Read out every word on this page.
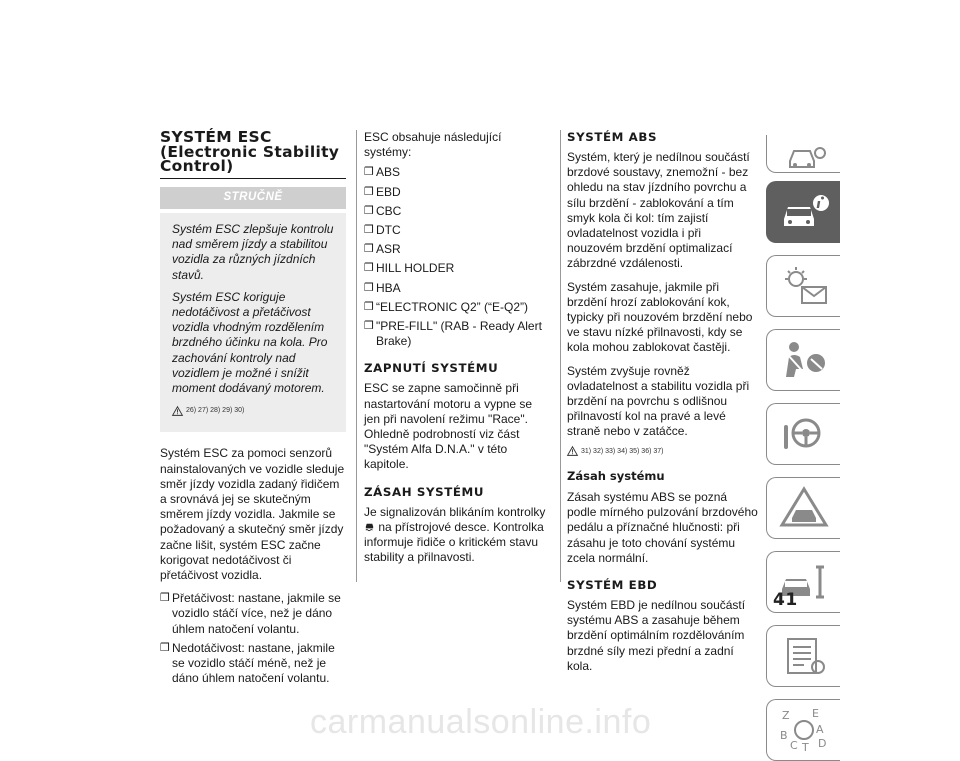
SYSTÉM ESC
(Electronic Stability
Control)
STRUČNĚ

Systém ESC zlepšuje kontrolu nad směrem jízdy a stabilitou vozidla za různých jízdních stavů.

Systém ESC koriguje nedotáčivost a přetáčivost vozidla vhodným rozdělením brzdného účinku na kola. Pro zachování kontroly nad vozidlem je možné i snížit moment dodávaný motorem.

26) 27) 28) 29) 30)

Systém ESC za pomoci senzorů nainstalovaných ve vozidle sleduje směr jízdy vozidla zadaný řidičem a srovnává jej se skutečným směrem jízdy vozidla. Jakmile se požadovaný a skutečný směr jízdy začne lišit, systém ESC začne korigovat nedotáčivost či přetáčivost vozidla.

❒ Přetáčivost: nastane, jakmile se vozidlo stáčí více, než je dáno úhlem natočení volantu.
❒ Nedotáčivost: nastane, jakmile se vozidlo stáčí méně, než je dáno úhlem natočení volantu.

ESC obsahuje následující systémy:

❒ ABS
❒ EBD
❒ CBC
❒ DTC
❒ ASR
❒ HILL HOLDER
❒ HBA
❒ “ELECTRONIC Q2” (“E-Q2”)
❒ "PRE-FILL" (RAB - Ready Alert Brake)
ZAPNUTÍ SYSTÉMU

ESC se zapne samočinně při nastartování motoru a vypne se jen při navolení režimu "Race". Ohledně podrobností viz část "Systém Alfa D.N.A." v této kapitole.

ZÁSAH SYSTÉMU

Je signalizován blikáním kontrolky  na přístrojové desce. Kontrolka informuje řidiče o kritickém stavu stability a přilnavosti.

SYSTÉM ABS

Systém, který je nedílnou součástí brzdové soustavy, znemožní - bez ohledu na stav jízdního povrchu a sílu brzdění - zablokování a tím smyk kola či kol: tím zajistí ovladatelnost vozidla i při nouzovém brzdění optimalizací zábrzdné vzdálenosti.

Systém zasahuje, jakmile při brzdění hrozí zablokování kok, typicky při nouzovém brzdění nebo ve stavu nízké přilnavosti, kdy se kola mohou zablokovat častěji.

Systém zvyšuje rovněž ovladatelnost a stabilitu vozidla při brzdění na povrchu s odlišnou přilnavostí kol na pravé a levé straně nebo v zatáčce.

31) 32) 33) 34) 35) 36) 37)
Zásah systému

Zásah systému ABS se pozná podle mírného pulzování brzdového pedálu a příznačné hlučnosti: při zásahu je toto chování systému zcela normální.

SYSTÉM EBD

Systém EBD je nedílnou součástí systému ABS a zasahuje během brzdění optimálním rozdělováním brzdné síly mezi přední a zadní kola.

Z E
A
B
C T D
41
carmanualsonline.info
